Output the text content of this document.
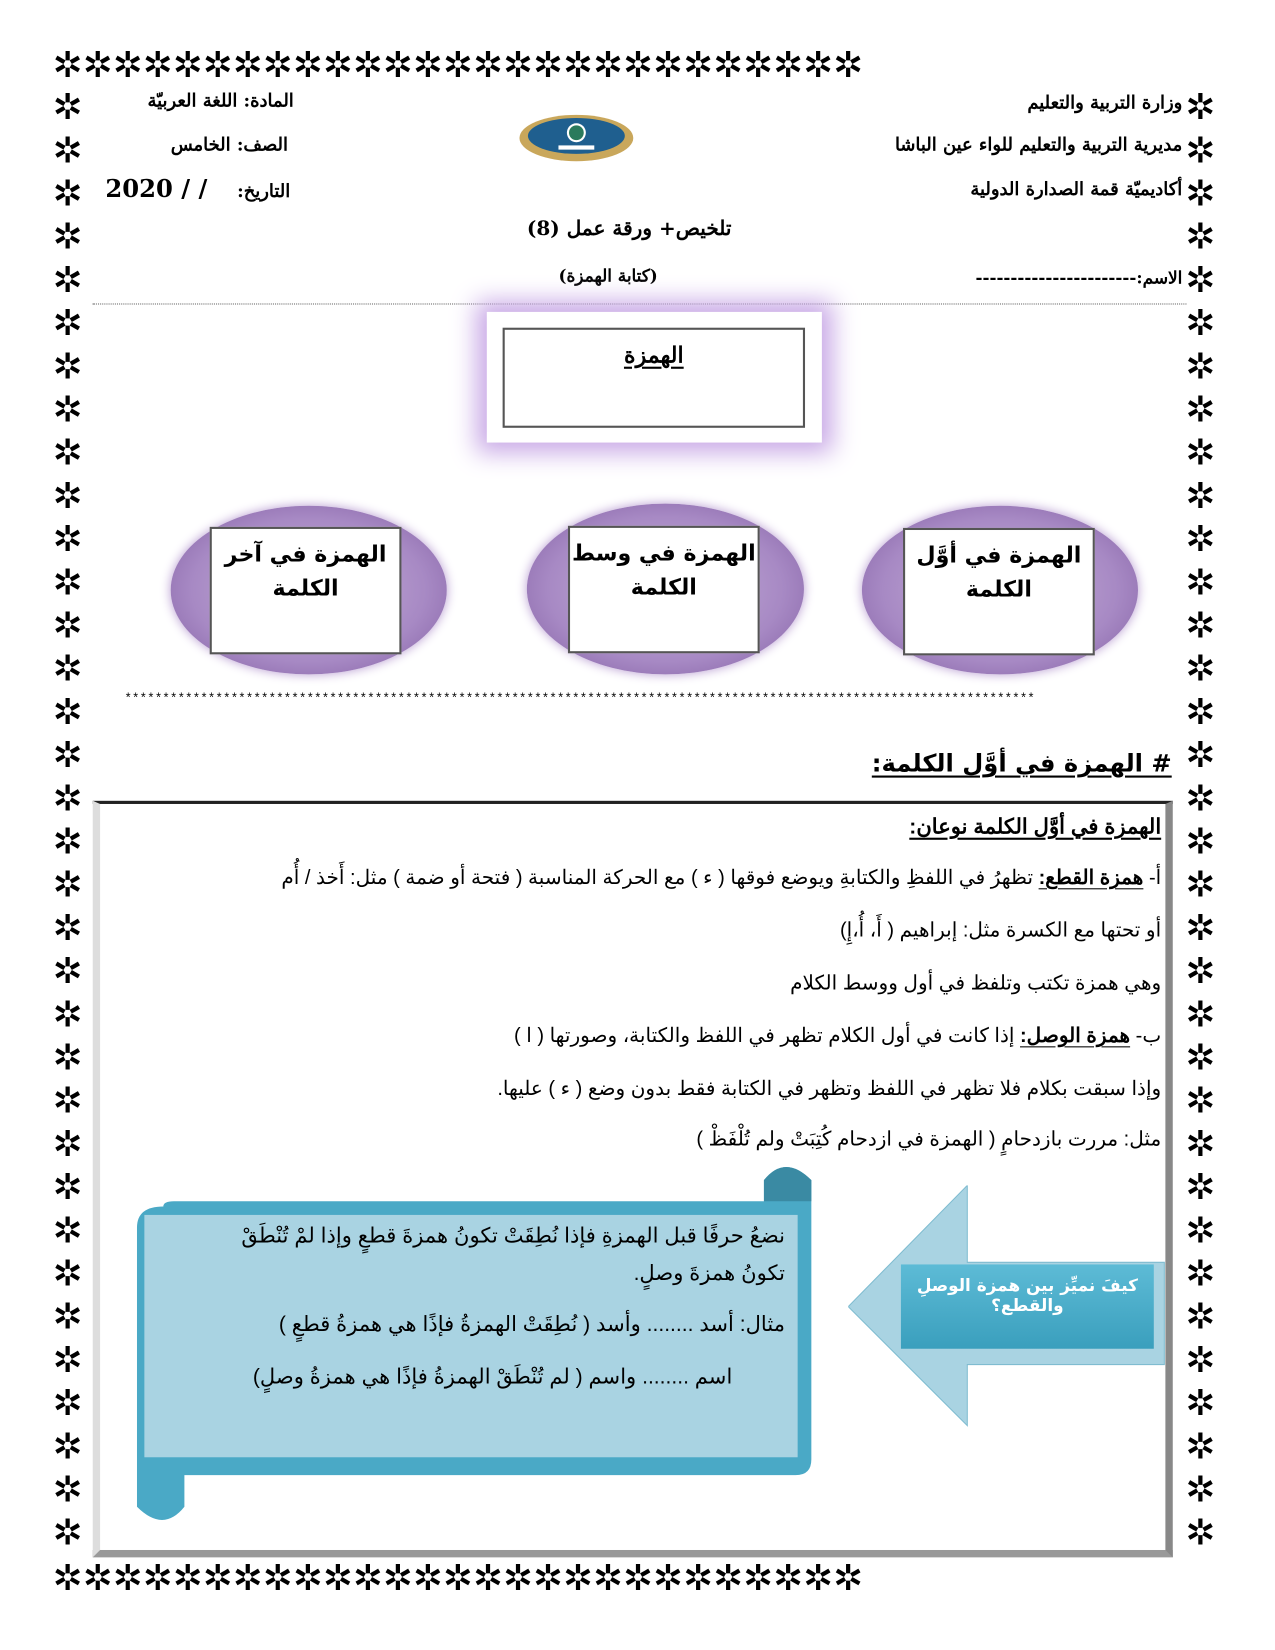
✲✲✲✲✲✲✲✲✲✲✲✲✲✲✲✲✲✲✲✲✲✲✲✲✲✲✲
✲✲✲✲✲✲✲✲✲✲✲✲✲✲✲✲✲✲✲✲✲✲✲✲✲✲✲
✲
✲
✲
✲
✲
✲
✲
✲
✲
✲
✲
✲
✲
✲
✲
✲
✲
✲
✲
✲
✲
✲
✲
✲
✲
✲
✲
✲
✲
✲
✲
✲
✲
✲
✲
✲
✲
✲
✲
✲
✲
✲
✲
✲
✲
✲
✲
✲
✲
✲
✲
✲
✲
✲
✲
✲
✲
✲
✲
✲
✲
✲
✲
✲
✲
✲
✲
✲
وزارة التربية والتعليم
مديرية التربية والتعليم للواء عين الباشا
أكاديميّة قمة الصدارة الدولية
المادة: اللغة العربيّة
الصف: الخامس
التاريخ:
2020 / /
تلخيص+ ورقة عمل (8)
(كتابة الهمزة)	الاسم:-----------------------
الهمزة
الهمزة في آخر الكلمة
الهمزة في وسط الكلمة
الهمزة في أوَّل الكلمة
************************************************************************************************************************
# الهمزة في أوَّل الكلمة:
الهمزة في أوَّل الكلمة نوعان:
أ- همزة القطع: تظهرُ في اللفظِ والكتابةِ ويوضع فوقها ( ء ) مع الحركة المناسبة ( فتحة أو ضمة ) مثل: أَخذ / أُم
أو تحتها مع الكسرة مثل: إبراهيم ( أَ، أُ،إِ)
وهي همزة تكتب وتلفظ في أول ووسط الكلام
ب- همزة الوصل: إذا كانت في أول الكلام تظهر في اللفظ والكتابة، وصورتها ( ا )
وإذا سبقت بكلام فلا تظهر في اللفظ وتظهر في الكتابة فقط بدون وضع ( ء ) عليها.
مثل: مررت بازدحامٍ ( الهمزة في ازدحام كُتِبَتْ ولم تُلْفَظْ )
نضعُ حرفًا قبل الهمزةِ فإذا نُطِقَتْ تكونُ همزةَ قطعٍ وإذا لمْ تُنْطَقْ
تكونُ همزةَ وصلٍ.
مثال: أسد ........ وأسد ( نُطِقَتْ الهمزةُ فإذًا هي همزةُ قطعٍ )
اسم ........ واسم ( لم تُنْطَقْ الهمزةُ فإذًا هي همزةُ وصلٍ)
كيفَ نميِّز بين همزة الوصلِ والقطع؟
